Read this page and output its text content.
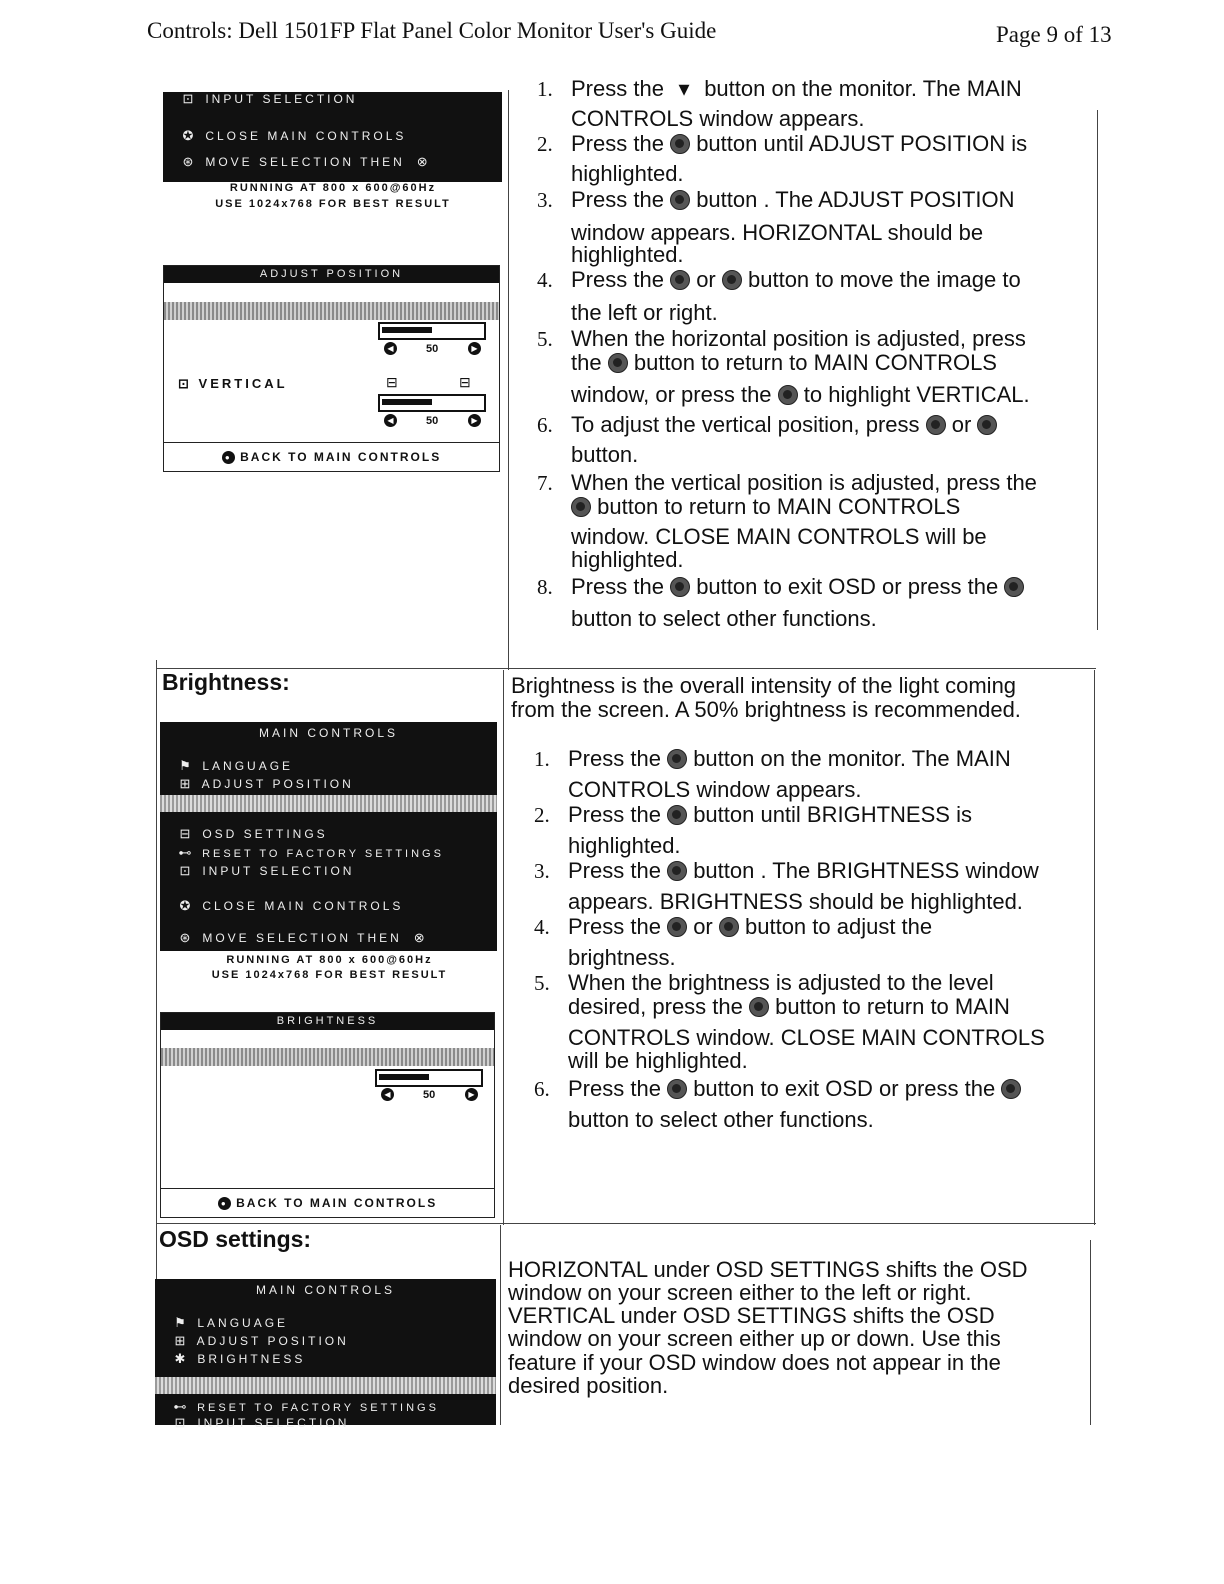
Controls: Dell 1501FP Flat Panel Color Monitor User's Guide	Page 9 of 13
⊡ INPUT SELECTION
✪ CLOSE MAIN CONTROLS
⊛ MOVE SELECTION THEN ⊗
RUNNING AT 800 x 600@60Hz
USE 1024x768 FOR BEST RESULT
ADJUST POSITION
◀	50	▶
⊡ VERTICAL	⊟	⊟
◀	50	▶
● BACK TO MAIN CONTROLS
1. Press the ▾ button on the monitor. The MAIN
CONTROLS window appears.
2. Press the button until ADJUST POSITION is
highlighted.
3. Press the button . The ADJUST POSITION
window appears. HORIZONTAL should be
highlighted.
4. Press the or button to move the image to
the left or right.
5. When the horizontal position is adjusted, press
the button to return to MAIN CONTROLS
window, or press the to highlight VERTICAL.
6. To adjust the vertical position, press or
button.
7. When the vertical position is adjusted, press the
button to return to MAIN CONTROLS
window. CLOSE MAIN CONTROLS will be
highlighted.
8. Press the button to exit OSD or press the
button to select other functions.
Brightness:	Brightness is the overall intensity of the light coming
from the screen. A 50% brightness is recommended.
MAIN CONTROLS
⚑ LANGUAGE
⊞ ADJUST POSITION
⊟ OSD SETTINGS
⊷ RESET TO FACTORY SETTINGS
⊡ INPUT SELECTION
✪ CLOSE MAIN CONTROLS
⊛ MOVE SELECTION THEN ⊗
RUNNING AT 800 x 600@60Hz
USE 1024x768 FOR BEST RESULT
BRIGHTNESS
◀	50	▶
● BACK TO MAIN CONTROLS
1. Press the button on the monitor. The MAIN
CONTROLS window appears.
2. Press the button until BRIGHTNESS is
highlighted.
3. Press the button . The BRIGHTNESS window
appears. BRIGHTNESS should be highlighted.
4. Press the or button to adjust the
brightness.
5. When the brightness is adjusted to the level
desired, press the button to return to MAIN
CONTROLS window. CLOSE MAIN CONTROLS
will be highlighted.
6. Press the button to exit OSD or press the
button to select other functions.
OSD settings:
MAIN CONTROLS
⚑ LANGUAGE
⊞ ADJUST POSITION
✱ BRIGHTNESS
⊷ RESET TO FACTORY SETTINGS
⊡ INPUT SELECTION
HORIZONTAL under OSD SETTINGS shifts the OSD
window on your screen either to the left or right.
VERTICAL under OSD SETTINGS shifts the OSD
window on your screen either up or down. Use this
feature if your OSD window does not appear in the
desired position.
